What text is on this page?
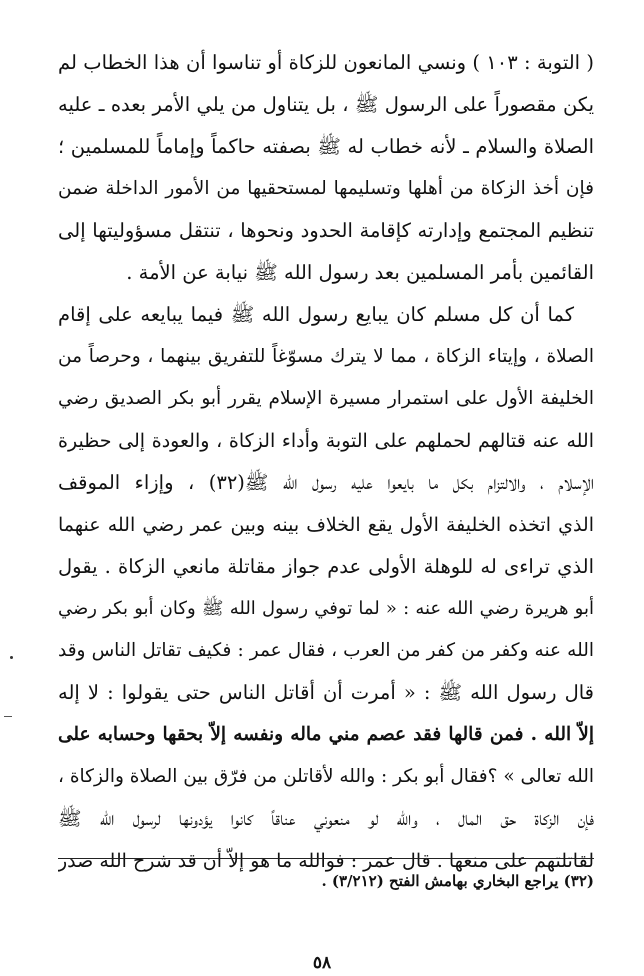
( التوبة : ١٠٣ ) ونسي المانعون للزكاة أو تناسوا أن هذا الخطاب لم
يكن مقصوراً على الرسول ﷺ ، بل يتناول من يلي الأمر بعده ـ عليه
الصلاة والسلام ـ لأنه خطاب له ﷺ بصفته حاكماً وإماماً للمسلمين ؛
فإن أخذ الزكاة من أهلها وتسليمها لمستحقيها من الأمور الداخلة ضمن
تنظيم المجتمع وإدارته كإقامة الحدود ونحوها ، تنتقل مسؤوليتها إلى
القائمين بأمر المسلمين بعد رسول الله ﷺ نيابة عن الأمة .
كما أن كل مسلم كان يبايع رسول الله ﷺ فيما يبايعه على إقام
الصلاة ، وإيتاء الزكاة ، مما لا يترك مسوّغاً للتفريق بينهما ، وحرصاً من
الخليفة الأول على استمرار مسيرة الإسلام يقرر أبو بكر الصديق رضي
الله عنه قتالهم لحملهم على التوبة وأداء الزكاة ، والعودة إلى حظيرة
الإسلام ، والالتزام بكل ما بايعوا عليه رسول الله ﷺ(٣٢) ، وإزاء الموقف
الذي اتخذه الخليفة الأول يقع الخلاف بينه وبين عمر رضي الله عنهما
الذي تراءى له للوهلة الأولى عدم جواز مقاتلة مانعي الزكاة . يقول
أبو هريرة رضي الله عنه : « لما توفي رسول الله ﷺ وكان أبو بكر رضي
الله عنه وكفر من كفر من العرب ، فقال عمر : فكيف تقاتل الناس وقد
قال رسول الله ﷺ : « أمرت أن أقاتل الناس حتى يقولوا : لا إله
إلاّ الله . فمن قالها فقد عصم مني ماله ونفسه إلاّ بحقها وحسابه على
الله تعالى » ؟فقال أبو بكر : والله لأقاتلن من فرّق بين الصلاة والزكاة ،
فإن الزكاة حق المال ، والله لو منعوني عناقاً كانوا يؤدونها لرسول الله ﷺ
لقاتلتهم على منعها . قال عمر : فوالله ما هو إلاّ أن قد شرح الله صدر
(٣٢) يراجع البخاري بهامش الفتح (٣/٢١٢) .
٥٨
